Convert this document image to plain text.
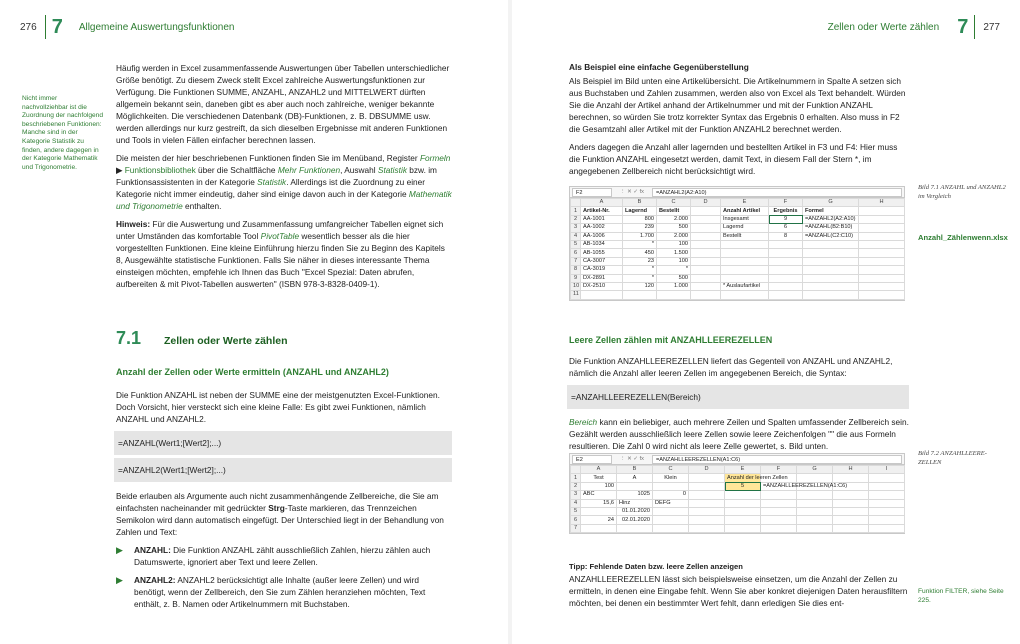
276 7 Allgemeine Auswertungsfunktionen
Nicht immer nachvollziehbar ist die Zuordnung der nachfolgend beschriebenen Funktionen: Manche sind in der Kategorie Statistik zu finden, andere dagegen in der Kategorie Mathematik und Trigonometrie.

Häufig werden in Excel zusammenfassende Auswertungen über Tabellen unterschiedlicher Größe benötigt. Zu diesem Zweck stellt Excel zahlreiche Auswertungsfunktionen zur Verfügung. Die Funktionen SUMME, ANZAHL, ANZAHL2 und MITTELWERT dürften allgemein bekannt sein, daneben gibt es aber auch noch zahlreiche, weniger bekannte Möglichkeiten. Die verschiedenen Datenbank (DB)-Funktionen, z. B. DBSUMME usw. werden allerdings nur kurz gestreift, da sich dieselben Ergebnisse mit anderen Funktionen und Tools in vielen Fällen einfacher berechnen lassen.

Die meisten der hier beschriebenen Funktionen finden Sie im Menüband, Register Formeln ▶ Funktionsbibliothek über die Schaltfläche Mehr Funktionen, Auswahl Statistik bzw. im Funktionsassistenten in der Kategorie Statistik. Allerdings ist die Zuordnung zu einer Kategorie nicht immer eindeutig, daher sind einige davon auch in der Kategorie Mathematik und Trigonometrie enthalten.

Hinweis: Für die Auswertung und Zusammenfassung umfangreicher Tabellen eignet sich unter Umständen das komfortable Tool PivotTable wesentlich besser als die hier vorgestellten Funktionen. Eine kleine Einführung hierzu finden Sie zu Beginn des Kapitels 8, Ausgewählte statistische Funktionen. Falls Sie näher in dieses interessante Thema einsteigen möchten, empfehle ich Ihnen das Buch "Excel Spezial: Daten abrufen, aufbereiten & mit Pivot-Tabellen auswerten" (ISBN 978-3-8328-0409-1).

7.1	Zellen oder Werte zählen
Anzahl der Zellen oder Werte ermitteln (ANZAHL und ANZAHL2)

Die Funktion ANZAHL ist neben der SUMME eine der meistgenutzten Excel-Funktionen. Doch Vorsicht, hier versteckt sich eine kleine Falle: Es gibt zwei Funktionen, nämlich ANZAHL und ANZAHL2.

=ANZAHL(Wert1;[Wert2];...)
=ANZAHL2(Wert1;[Wert2];...)

Beide erlauben als Argumente auch nicht zusammenhängende Zellbereiche, die Sie am einfachsten nacheinander mit gedrückter Strg-Taste markieren, das Trennzeichen Semikolon wird dann automatisch eingefügt. Der Unterschied liegt in der Behandlung von Zahlen und Text:

▶	ANZAHL: Die Funktion ANZAHL zählt ausschließlich Zahlen, hierzu zählen auch Datumswerte, ignoriert aber Text und leere Zellen.
▶	ANZAHL2: ANZAHL2 berücksichtigt alle Inhalte (außer leere Zellen) und wird benötigt, wenn der Zellbereich, den Sie zum Zählen heranziehen möchten, Text enthält, z. B. Namen oder Artikelnummern mit Buchstaben.
Zellen oder Werte zählen 7 277
Als Beispiel eine einfache Gegenüberstellung

Als Beispiel im Bild unten eine Artikelübersicht. Die Artikelnummern in Spalte A setzen sich aus Buchstaben und Zahlen zusammen, werden also von Excel als Text behandelt. Würden Sie die Anzahl der Artikel anhand der Artikelnummer und mit der Funktion ANZAHL berechnen, so würden Sie trotz korrekter Syntax das Ergebnis 0 erhalten. Also muss in F2 die Gesamtzahl aller Artikel mit der Funktion ANZAHL2 berechnet werden.

Anders dagegen die Anzahl aller lagernden und bestellten Artikel in F3 und F4: Hier muss die Funktion ANZAHL eingesetzt werden, damit Text, in diesem Fall der Stern *, im angegebenen Zellbereich nicht berücksichtigt wird.

F2	⋮ ✕ ✓ fx	=ANZAHL2(A2:A10)
	A	B	C	D	E	F	G	H
1	Artikel-Nr.	Lagernd	Bestellt		Anzahl Artikel	Ergebnis	Formel	
2	AA-1001	800	2.000		Insgesamt	9	=ANZAHL2(A2:A10)	
3	AA-1002	239	500		Lagernd	6	=ANZAHL(B2:B10)	
4	AA-1006	1.700	2.000		Bestellt	8	=ANZAHL(C2:C10)	
5	AB-1034	*	100					
6	AB-1055	450	1.500					
7	CA-3007	23	100					
8	CA-3019	*	*					
9	DX-2891	*	500					
10	DX-2510	120	1.000		* Auslaufartikel			
11								
Bild 7.1 ANZAHL und ANZAHL2 im Vergleich
Anzahl_Zählenwenn.xlsx
Leere Zellen zählen mit ANZAHLLEEREZELLEN

Die Funktion ANZAHLLEEREZELLEN liefert das Gegenteil von ANZAHL und ANZAHL2, nämlich die Anzahl aller leeren Zellen im angegebenen Bereich, die Syntax:

=ANZAHLLEEREZELLEN(Bereich)

Bereich kann ein beliebiger, auch mehrere Zeilen und Spalten umfassender Zellbereich sein. Gezählt werden ausschließlich leere Zellen sowie leere Zeichenfolgen "" die aus Formeln resultieren. Die Zahl 0 wird nicht als leere Zelle gewertet, s. Bild unten.

E2	⋮ ✕ ✓ fx	=ANZAHLLEEREZELLEN(A1:C6)
	A	B	C	D	E	F	G	H	I
1	Test	A	Klein		Anzahl der leeren Zellen				
2	100				5	=ANZAHLLEEREZELLEN(A1:C6)			
3	ABC	1025	0						
4	15,6	Hinz	DEFG						
5		01.01.2020							
6	24	02.01.2020							
7									
Bild 7.2 ANZAHLLEERE-ZELLEN
Tipp: Fehlende Daten bzw. leere Zellen anzeigen
ANZAHLLEEREZELLEN lässt sich beispielsweise einsetzen, um die Anzahl der Zellen zu ermitteln, in denen eine Eingabe fehlt. Wenn Sie aber konkret diejenigen Daten herausfiltern möchten, bei denen ein bestimmter Wert fehlt, dann erledigen Sie dies ent-
Funktion FILTER, siehe Seite 225.
